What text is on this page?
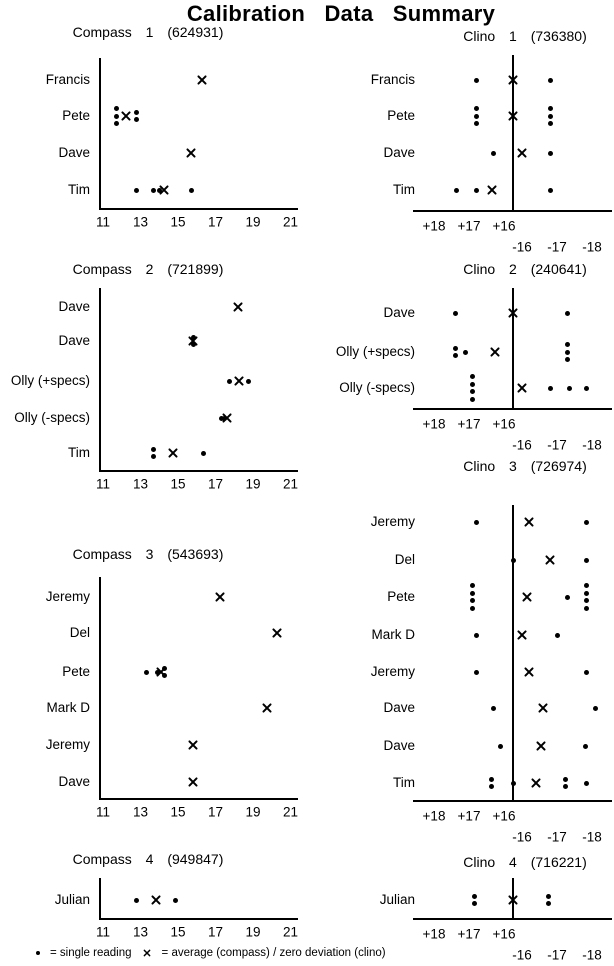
Calibration Data Summary
= single reading	= average (compass) / zero deviation (clino)
Compass 1 (624931)
11 13 15 17 19 21
Francis
Pete
Dave
Tim
Clino 1 (736380)
+18 +17 +16
-16 -17 -18
Francis
Pete
Dave
Tim
Compass 2 (721899)
11 13 15 17 19 21
Dave
Dave
Olly (+specs)
Olly (-specs)
Tim
Clino 2 (240641)
+18 +17 +16
-16 -17 -18
Dave
Olly (+specs)
Olly (-specs)
Compass 3 (543693)
11 13 15 17 19 21
Jeremy
Del
Pete
Mark D
Jeremy
Dave
Clino 3 (726974)
+18 +17 +16
-16 -17 -18
Jeremy
Del
Pete
Mark D
Jeremy
Dave
Dave
Tim
Compass 4 (949847)
11 13 15 17 19 21
Julian
Clino 4 (716221)
+18 +17 +16
-16 -17 -18
Julian
